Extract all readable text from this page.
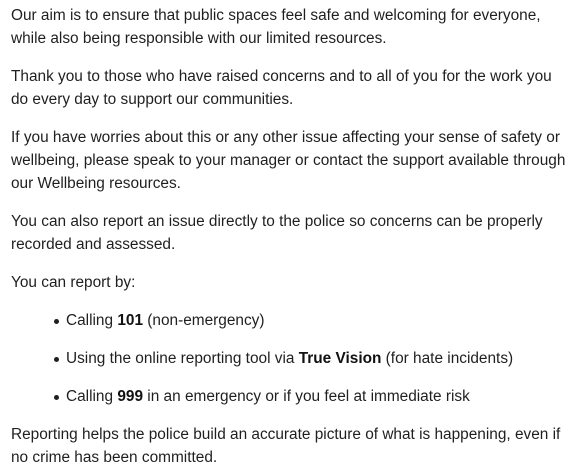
Our aim is to ensure that public spaces feel safe and welcoming for everyone, while also being responsible with our limited resources.

Thank you to those who have raised concerns and to all of you for the work you do every day to support our communities.

If you have worries about this or any other issue affecting your sense of safety or wellbeing, please speak to your manager or contact the support available through our Wellbeing resources.

You can also report an issue directly to the police so concerns can be properly recorded and assessed.

You can report by:

Calling 101 (non-emergency)
Using the online reporting tool via True Vision (for hate incidents)
Calling 999 in an emergency or if you feel at immediate risk

Reporting helps the police build an accurate picture of what is happening, even if no crime has been committed.
